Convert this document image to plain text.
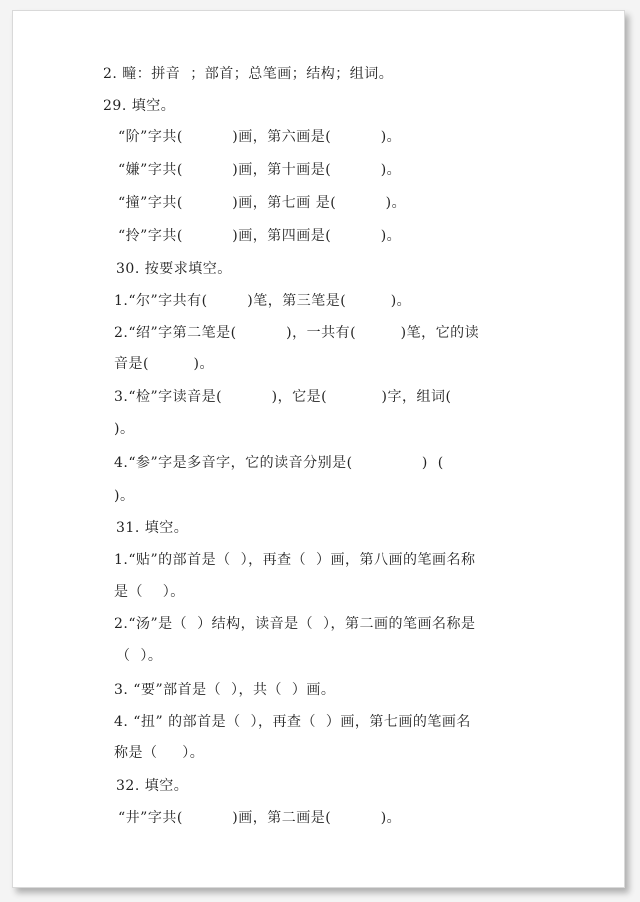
2. 疃：拼音  ；部首；总笔画；结构；组词。
29. 填空。
“阶”字共(          )画，第六画是(          )。
“嫌”字共(          )画，第十画是(          )。
“撞”字共(          )画，第七画 是(          )。
“拎”字共(          )画，第四画是(          )。
30. 按要求填空。
1.“尔”字共有(        )笔，第三笔是(         )。
2.“绍”字第二笔是(          )，一共有(         )笔，它的读
音是(         )。
3.“检”字读音是(          )，它是(           )字，组词(
)。
4.“参”字是多音字，它的读音分别是(              )  (
)。
31. 填空。
1.“贴”的部首是（  ），再查（  ）画，第八画的笔画名称
是（    ）。
2.“汤”是（  ）结构，读音是（  ），第二画的笔画名称是
（  ）。
3. “要”部首是（  ），共（  ）画。
4. “扭” 的部首是（  ），再查（  ）画，第七画的笔画名
称是（     ）。
32. 填空。
“井”字共(          )画，第二画是(          )。
